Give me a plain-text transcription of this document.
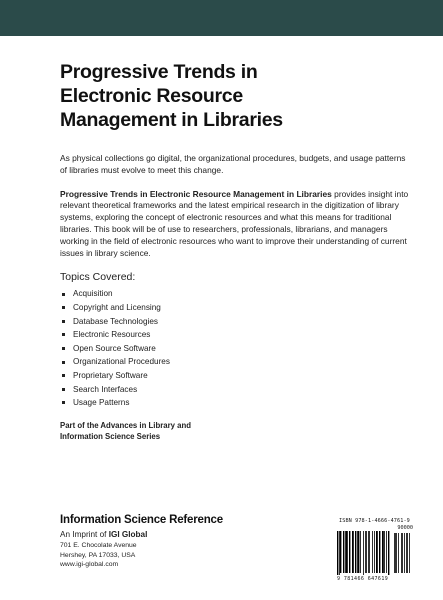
Progressive Trends in
Electronic Resource
Management in Libraries

As physical collections go digital, the organizational procedures, budgets, and usage patterns of libraries must evolve to meet this change.

Progressive Trends in Electronic Resource Management in Libraries provides insight into relevant theoretical frameworks and the latest empirical research in the digitization of library systems, exploring the concept of electronic resources and what this means for traditional libraries. This book will be of use to researchers, professionals, librarians, and managers working in the field of electronic resources who want to improve their understanding of current issues in library science.

Topics Covered:
Acquisition
Copyright and Licensing
Database Technologies
Electronic Resources
Open Source Software
Organizational Procedures
Proprietary Software
Search Interfaces
Usage Patterns

Part of the Advances in Library and
Information Science Series

Information Science Reference
An Imprint of IGI Global

701 E. Chocolate Avenue
Hershey, PA 17033, USA
www.igi-global.com

ISBN 978-1-4666-4761-9
90000
9 781466 647619
